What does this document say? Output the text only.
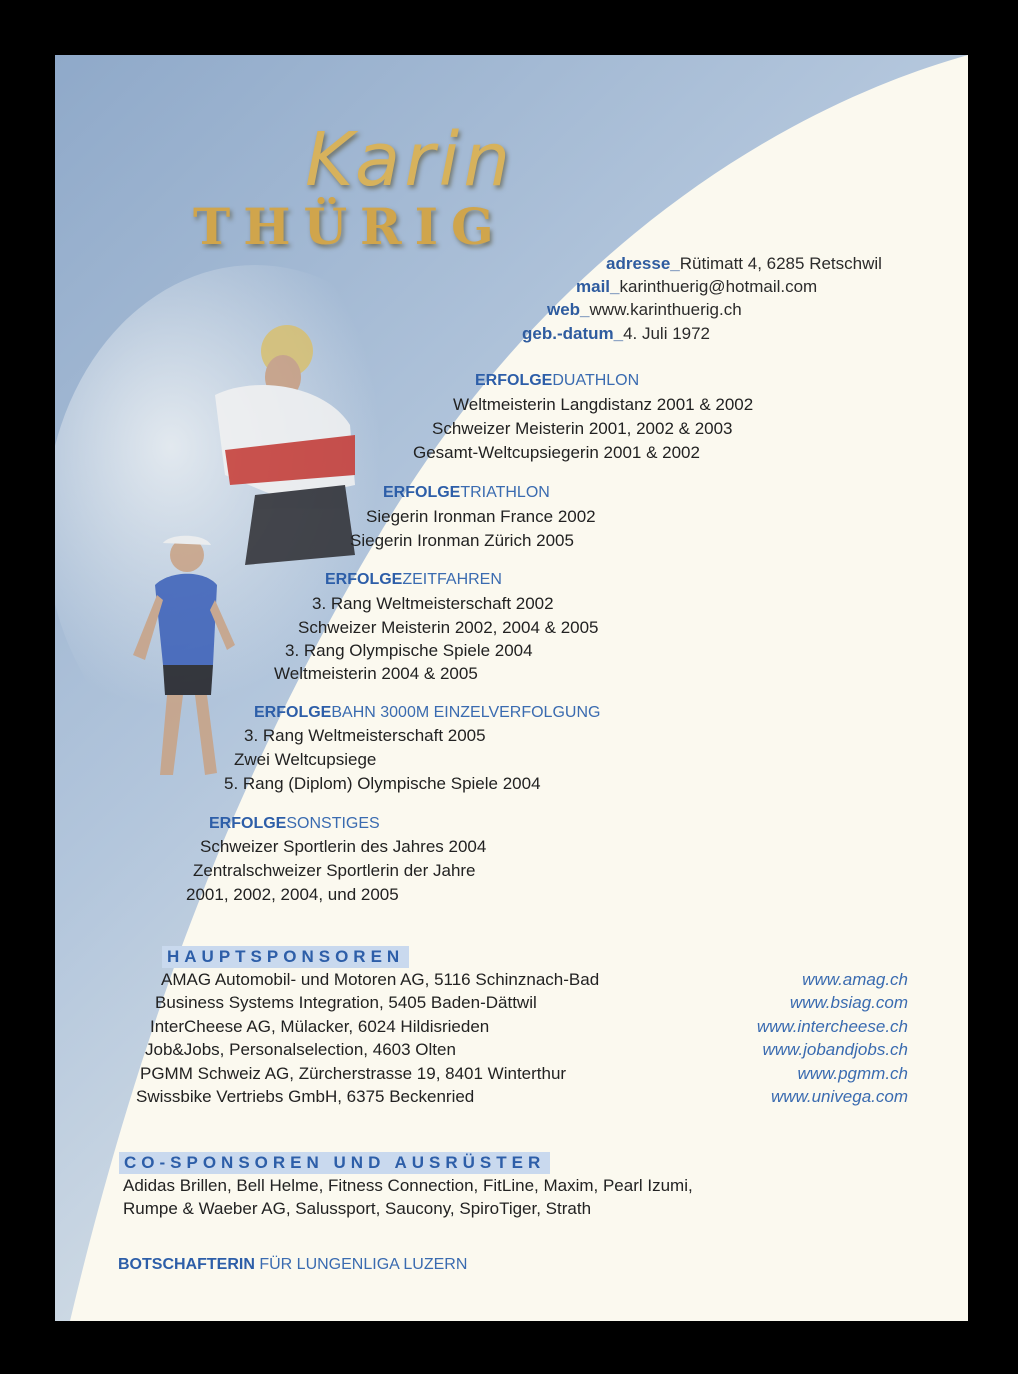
Karin
THÜRIG
adresse_Rütimatt 4, 6285 Retschwil
mail_karinthuerig@hotmail.com
web_www.karinthuerig.ch
geb.-datum_4. Juli 1972
ERFOLGEDUATHLON
Weltmeisterin Langdistanz 2001 & 2002
Schweizer Meisterin 2001, 2002 & 2003
Gesamt-Weltcupsiegerin 2001 & 2002
ERFOLGETRIATHLON
Siegerin Ironman France 2002
Siegerin Ironman Zürich 2005
ERFOLGEZEITFAHREN
3. Rang Weltmeisterschaft 2002
Schweizer Meisterin 2002, 2004 & 2005
3. Rang Olympische Spiele 2004
Weltmeisterin 2004 & 2005
ERFOLGEBAHN 3000M EINZELVERFOLGUNG
3. Rang Weltmeisterschaft 2005
Zwei Weltcupsiege
5. Rang (Diplom) Olympische Spiele 2004
ERFOLGESONSTIGES
Schweizer Sportlerin des Jahres 2004
Zentralschweizer Sportlerin der Jahre
2001, 2002, 2004, und 2005
HAUPTSPONSOREN
AMAG Automobil- und Motoren AG, 5116 Schinznach-Bad
Business Systems Integration, 5405 Baden-Dättwil
InterCheese AG, Mülacker, 6024 Hildisrieden
Job&Jobs, Personalselection, 4603 Olten
PGMM Schweiz AG, Zürcherstrasse 19, 8401 Winterthur
Swissbike Vertriebs GmbH, 6375 Beckenried
www.amag.ch
www.bsiag.com
www.intercheese.ch
www.jobandjobs.ch
www.pgmm.ch
www.univega.com
CO-SPONSOREN UND AUSRÜSTER
Adidas Brillen, Bell Helme, Fitness Connection, FitLine, Maxim, Pearl Izumi,
Rumpe & Waeber AG, Salussport, Saucony, SpiroTiger, Strath
BOTSCHAFTERIN FÜR LUNGENLIGA LUZERN
